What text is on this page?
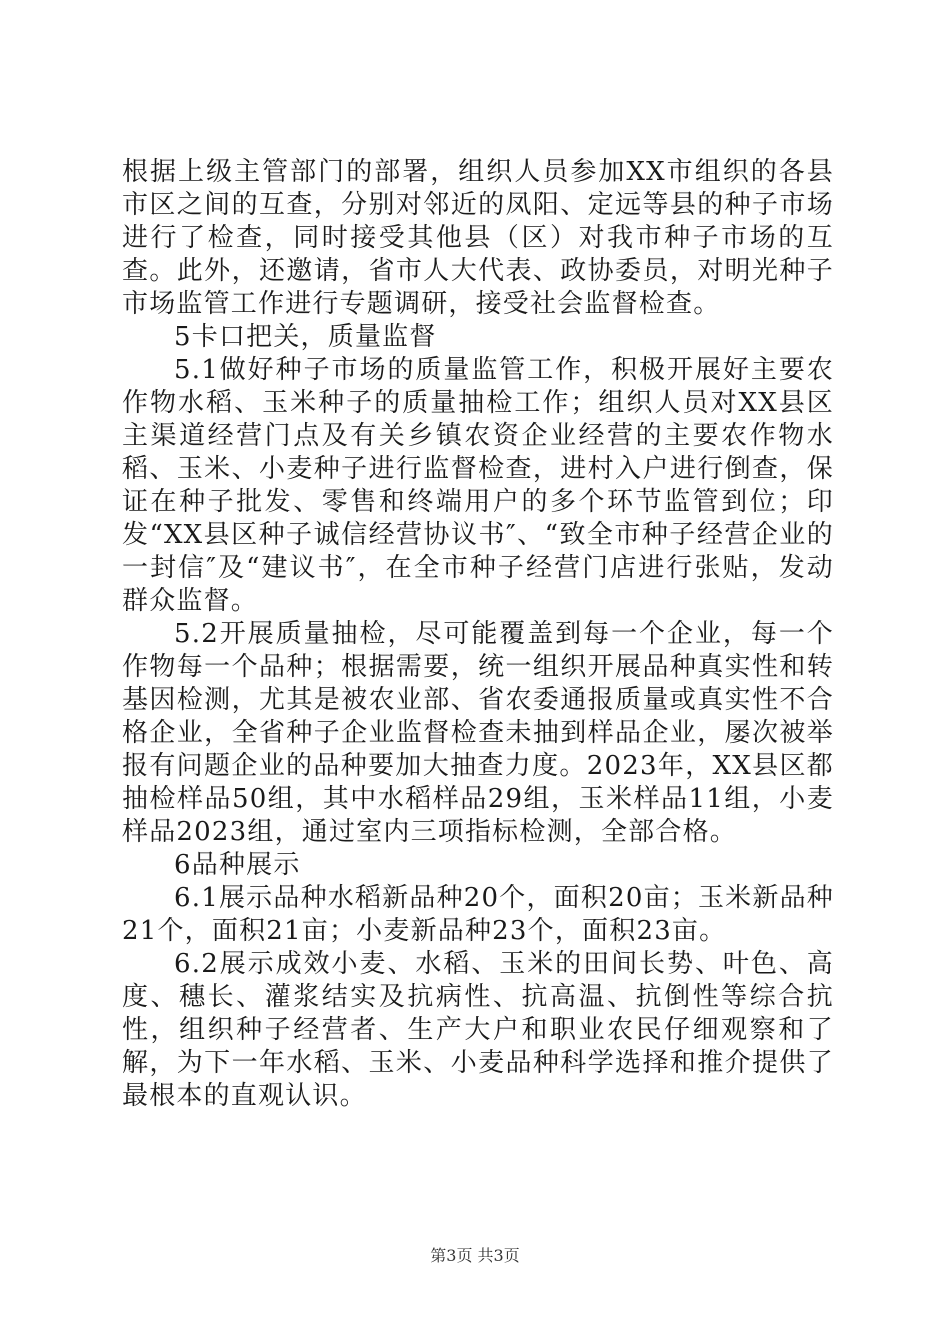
根据上级主管部门的部署，组织人员参加XX市组织的各县市区之间的互查，分别对邻近的凤阳、定远等县的种子市场进行了检查，同时接受其他县（区）对我市种子市场的互查。此外，还邀请，省市人大代表、政协委员，对明光种子市场监管工作进行专题调研，接受社会监督检查。

5卡口把关，质量监督

5.1做好种子市场的质量监管工作，积极开展好主要农作物水稻、玉米种子的质量抽检工作；组织人员对XX县区主渠道经营门点及有关乡镇农资企业经营的主要农作物水稻、玉米、小麦种子进行监督检查，进村入户进行倒查，保证在种子批发、零售和终端用户的多个环节监管到位；印发“XX县区种子诚信经营协议书″、“致全市种子经营企业的一封信″及“建议书″，在全市种子经营门店进行张贴，发动群众监督。

5.2开展质量抽检，尽可能覆盖到每一个企业，每一个作物每一个品种；根据需要，统一组织开展品种真实性和转基因检测，尤其是被农业部、省农委通报质量或真实性不合格企业，全省种子企业监督检查未抽到样品企业，屡次被举报有问题企业的品种要加大抽查力度。2023年，XX县区都抽检样品50组，其中水稻样品29组，玉米样品11组，小麦样品2023组，通过室内三项指标检测，全部合格。

6品种展示

6.1展示品种水稻新品种20个，面积20亩；玉米新品种21个，面积21亩；小麦新品种23个，面积23亩。

6.2展示成效小麦、水稻、玉米的田间长势、叶色、高度、穗长、灌浆结实及抗病性、抗高温、抗倒性等综合抗性，组织种子经营者、生产大户和职业农民仔细观察和了解，为下一年水稻、玉米、小麦品种科学选择和推介提供了最根本的直观认识。

第3页 共3页
